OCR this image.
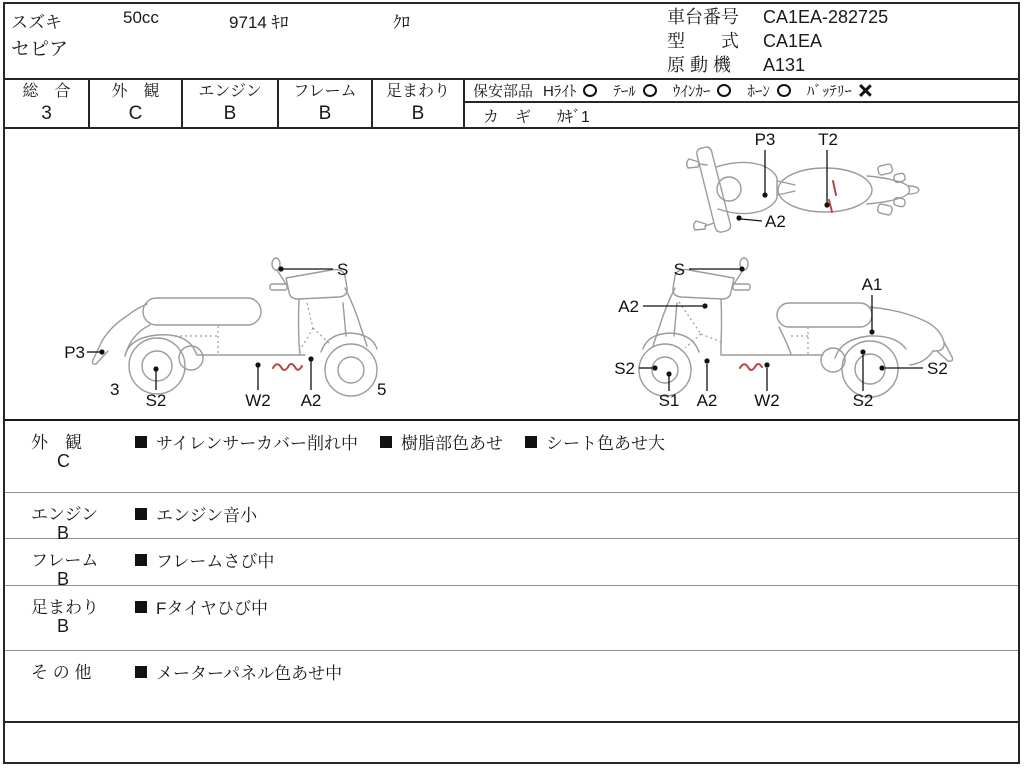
スズキ
セピア
50cc	9714 ｷﾛ	ｸﾛ	車台番号	CA1EA-282725
型　　式	CA1EA
原 動 機	A131
総　合
3
外　観
C
エンジン
B
フレーム
B
足まわり
B
保安部品 Hﾗｲﾄ ﾃｰﾙ ｳｲﾝｶｰ ﾎｰﾝ ﾊﾞｯﾃﾘｰ
カ　ギ ｶｷﾞ1
P3	T2
A2
S
P3
3
S2	W2 A2
5
S
A2
A1
S2
S1 A2 W2	S2
S2
外　観
C
サイレンサーカバー削れ中	樹脂部色あせ	シート色あせ大
エンジン
B
エンジン音小
フレーム
B
フレームさび中
足まわり
B
Fタイヤひび中
そ の 他	メーターパネル色あせ中
